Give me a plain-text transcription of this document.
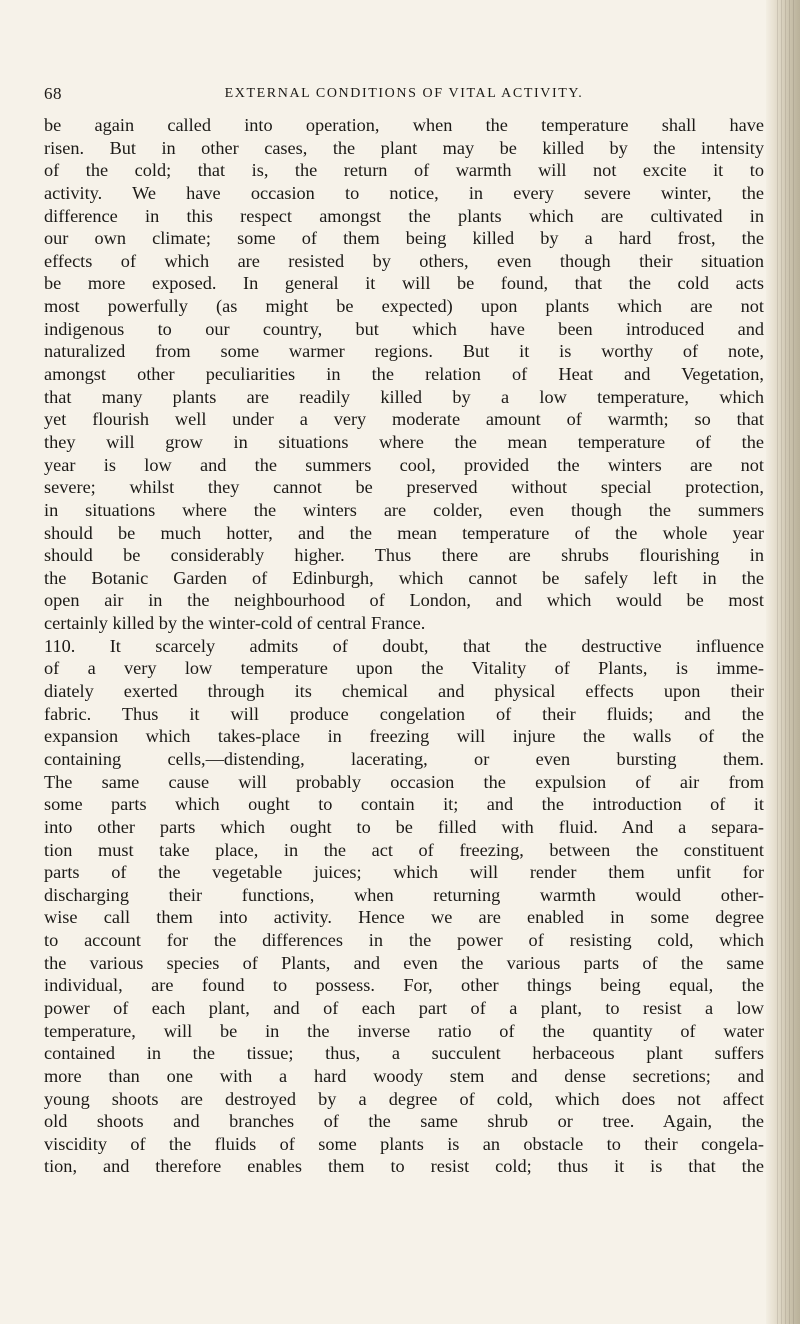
68	EXTERNAL CONDITIONS OF VITAL ACTIVITY.
be again called into operation, when the temperature shall have
risen. But in other cases, the plant may be killed by the intensity
of the cold; that is, the return of warmth will not excite it to
activity. We have occasion to notice, in every severe winter, the
difference in this respect amongst the plants which are cultivated in
our own climate; some of them being killed by a hard frost, the
effects of which are resisted by others, even though their situation
be more exposed. In general it will be found, that the cold acts
most powerfully (as might be expected) upon plants which are not
indigenous to our country, but which have been introduced and
naturalized from some warmer regions. But it is worthy of note,
amongst other peculiarities in the relation of Heat and Vegetation,
that many plants are readily killed by a low temperature, which
yet flourish well under a very moderate amount of warmth; so that
they will grow in situations where the mean temperature of the
year is low and the summers cool, provided the winters are not
severe; whilst they cannot be preserved without special protection,
in situations where the winters are colder, even though the summers
should be much hotter, and the mean temperature of the whole year
should be considerably higher. Thus there are shrubs flourishing in
the Botanic Garden of Edinburgh, which cannot be safely left in the
open air in the neighbourhood of London, and which would be most
certainly killed by the winter-cold of central France.
110. It scarcely admits of doubt, that the destructive influence
of a very low temperature upon the Vitality of Plants, is imme-
diately exerted through its chemical and physical effects upon their
fabric. Thus it will produce congelation of their fluids; and the
expansion which takes-place in freezing will injure the walls of the
containing cells,—distending, lacerating, or even bursting them.
The same cause will probably occasion the expulsion of air from
some parts which ought to contain it; and the introduction of it
into other parts which ought to be filled with fluid. And a separa-
tion must take place, in the act of freezing, between the constituent
parts of the vegetable juices; which will render them unfit for
discharging their functions, when returning warmth would other-
wise call them into activity. Hence we are enabled in some degree
to account for the differences in the power of resisting cold, which
the various species of Plants, and even the various parts of the same
individual, are found to possess. For, other things being equal, the
power of each plant, and of each part of a plant, to resist a low
temperature, will be in the inverse ratio of the quantity of water
contained in the tissue; thus, a succulent herbaceous plant suffers
more than one with a hard woody stem and dense secretions; and
young shoots are destroyed by a degree of cold, which does not affect
old shoots and branches of the same shrub or tree. Again, the
viscidity of the fluids of some plants is an obstacle to their congela-
tion, and therefore enables them to resist cold; thus it is that the
